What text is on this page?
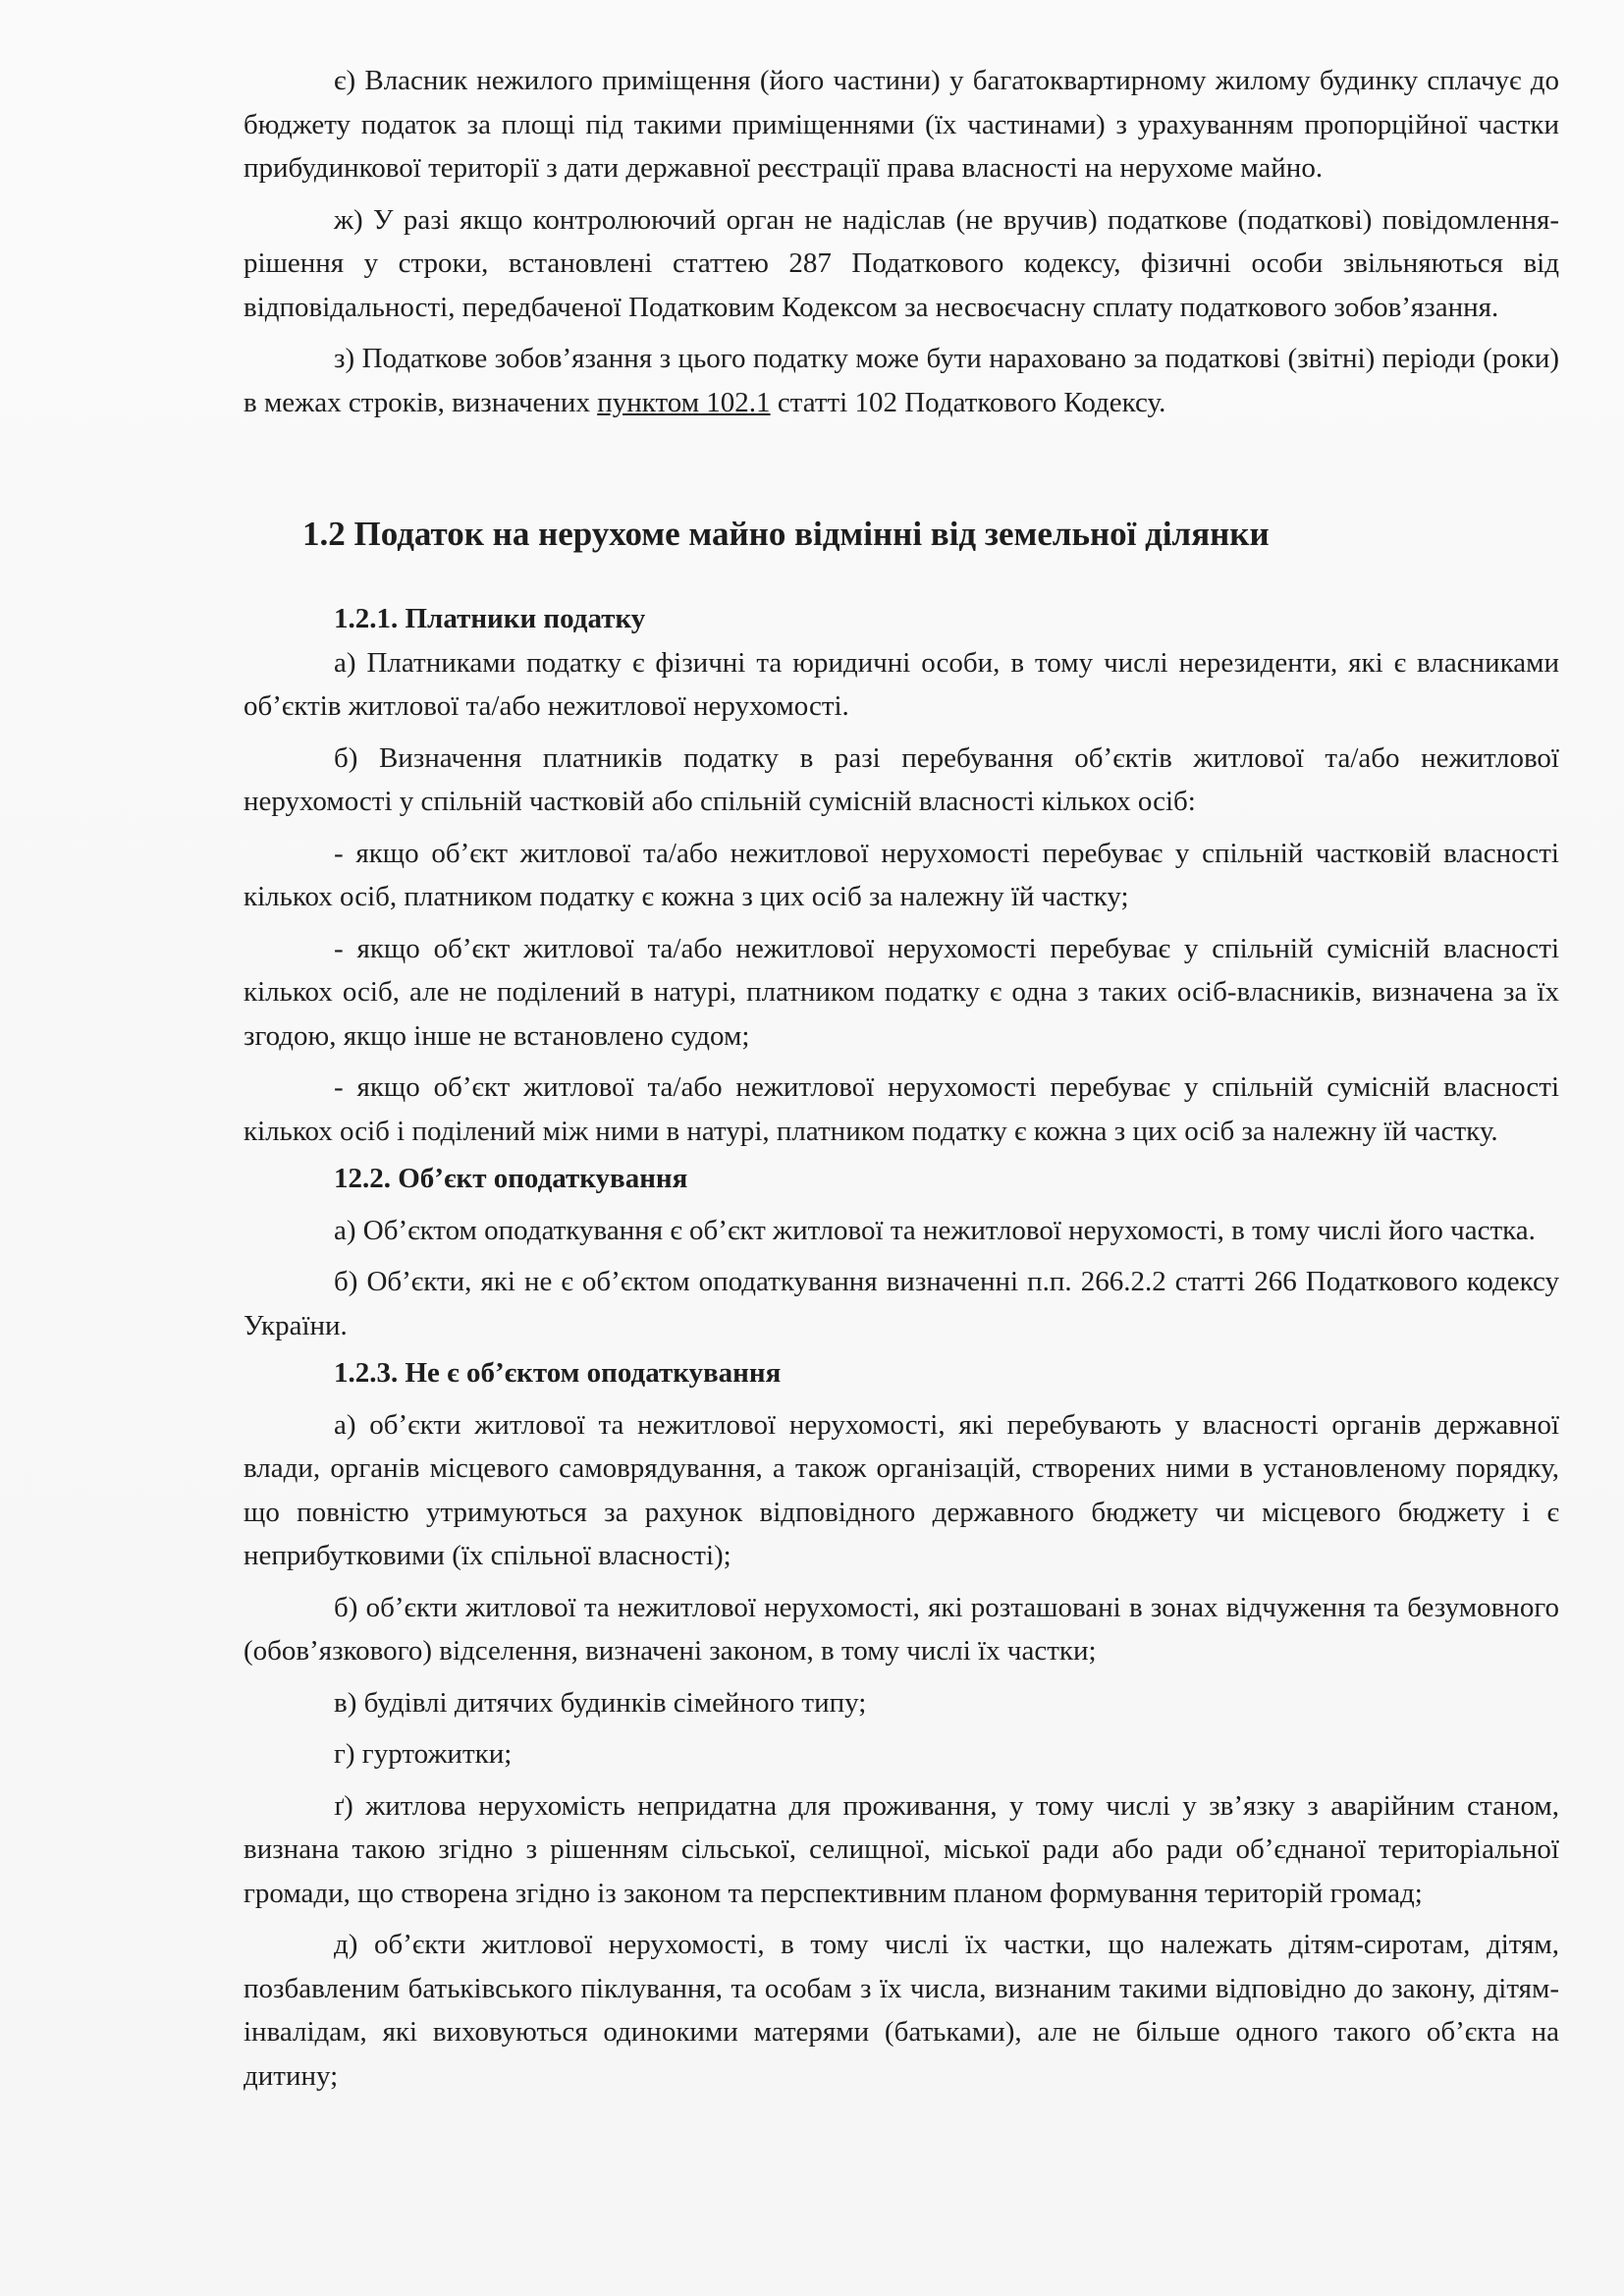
є) Власник нежилого приміщення (його частини) у багатоквартирному жилому будинку сплачує до бюджету податок за площі під такими приміщеннями (їх частинами) з урахуванням пропорційної частки прибудинкової території з дати державної реєстрації права власності на нерухоме майно.

ж) У разі якщо контролюючий орган не надіслав (не вручив) податкове (податкові) повідомлення-рішення у строки, встановлені статтею 287 Податкового кодексу, фізичні особи звільняються від відповідальності, передбаченої Податковим Кодексом за несвоєчасну сплату податкового зобов’язання.

з) Податкове зобов’язання з цього податку може бути нараховано за податкові (звітні) періоди (роки) в межах строків, визначених пунктом 102.1 статті 102 Податкового Кодексу.

1.2 Податок на нерухоме майно відмінні від земельної ділянки

1.2.1. Платники податку

а) Платниками податку є фізичні та юридичні особи, в тому числі нерезиденти, які є власниками об’єктів житлової та/або нежитлової нерухомості.

б) Визначення платників податку в разі перебування об’єктів житлової та/або нежитлової нерухомості у спільній частковій або спільній сумісній власності кількох осіб:

- якщо об’єкт житлової та/або нежитлової нерухомості перебуває у спільній частковій власності кількох осіб, платником податку є кожна з цих осіб за належну їй частку;

- якщо об’єкт житлової та/або нежитлової нерухомості перебуває у спільній сумісній власності кількох осіб, але не поділений в натурі, платником податку є одна з таких осіб-власників, визначена за їх згодою, якщо інше не встановлено судом;

- якщо об’єкт житлової та/або нежитлової нерухомості перебуває у спільній сумісній власності кількох осіб і поділений між ними в натурі, платником податку є кожна з цих осіб за належну їй частку.

12.2. Об’єкт оподаткування

а) Об’єктом оподаткування є об’єкт житлової та нежитлової нерухомості, в тому числі його частка.

б) Об’єкти, які не є об’єктом оподаткування визначенні п.п. 266.2.2 статті 266 Податкового кодексу України.

1.2.3. Не є об’єктом оподаткування

а) об’єкти житлової та нежитлової нерухомості, які перебувають у власності органів державної влади, органів місцевого самоврядування, а також організацій, створених ними в установленому порядку, що повністю утримуються за рахунок відповідного державного бюджету чи місцевого бюджету і є неприбутковими (їх спільної власності);

б) об’єкти житлової та нежитлової нерухомості, які розташовані в зонах відчуження та безумовного (обов’язкового) відселення, визначені законом, в тому числі їх частки;

в) будівлі дитячих будинків сімейного типу;

г) гуртожитки;

ґ) житлова нерухомість непридатна для проживання, у тому числі у зв’язку з аварійним станом, визнана такою згідно з рішенням сільської, селищної, міської ради або ради об’єднаної територіальної громади, що створена згідно із законом та перспективним планом формування територій громад;

д) об’єкти житлової нерухомості, в тому числі їх частки, що належать дітям-сиротам, дітям, позбавленим батьківського піклування, та особам з їх числа, визнаним такими відповідно до закону, дітям-інвалідам, які виховуються одинокими матерями (батьками), але не більше одного такого об’єкта на дитину;
